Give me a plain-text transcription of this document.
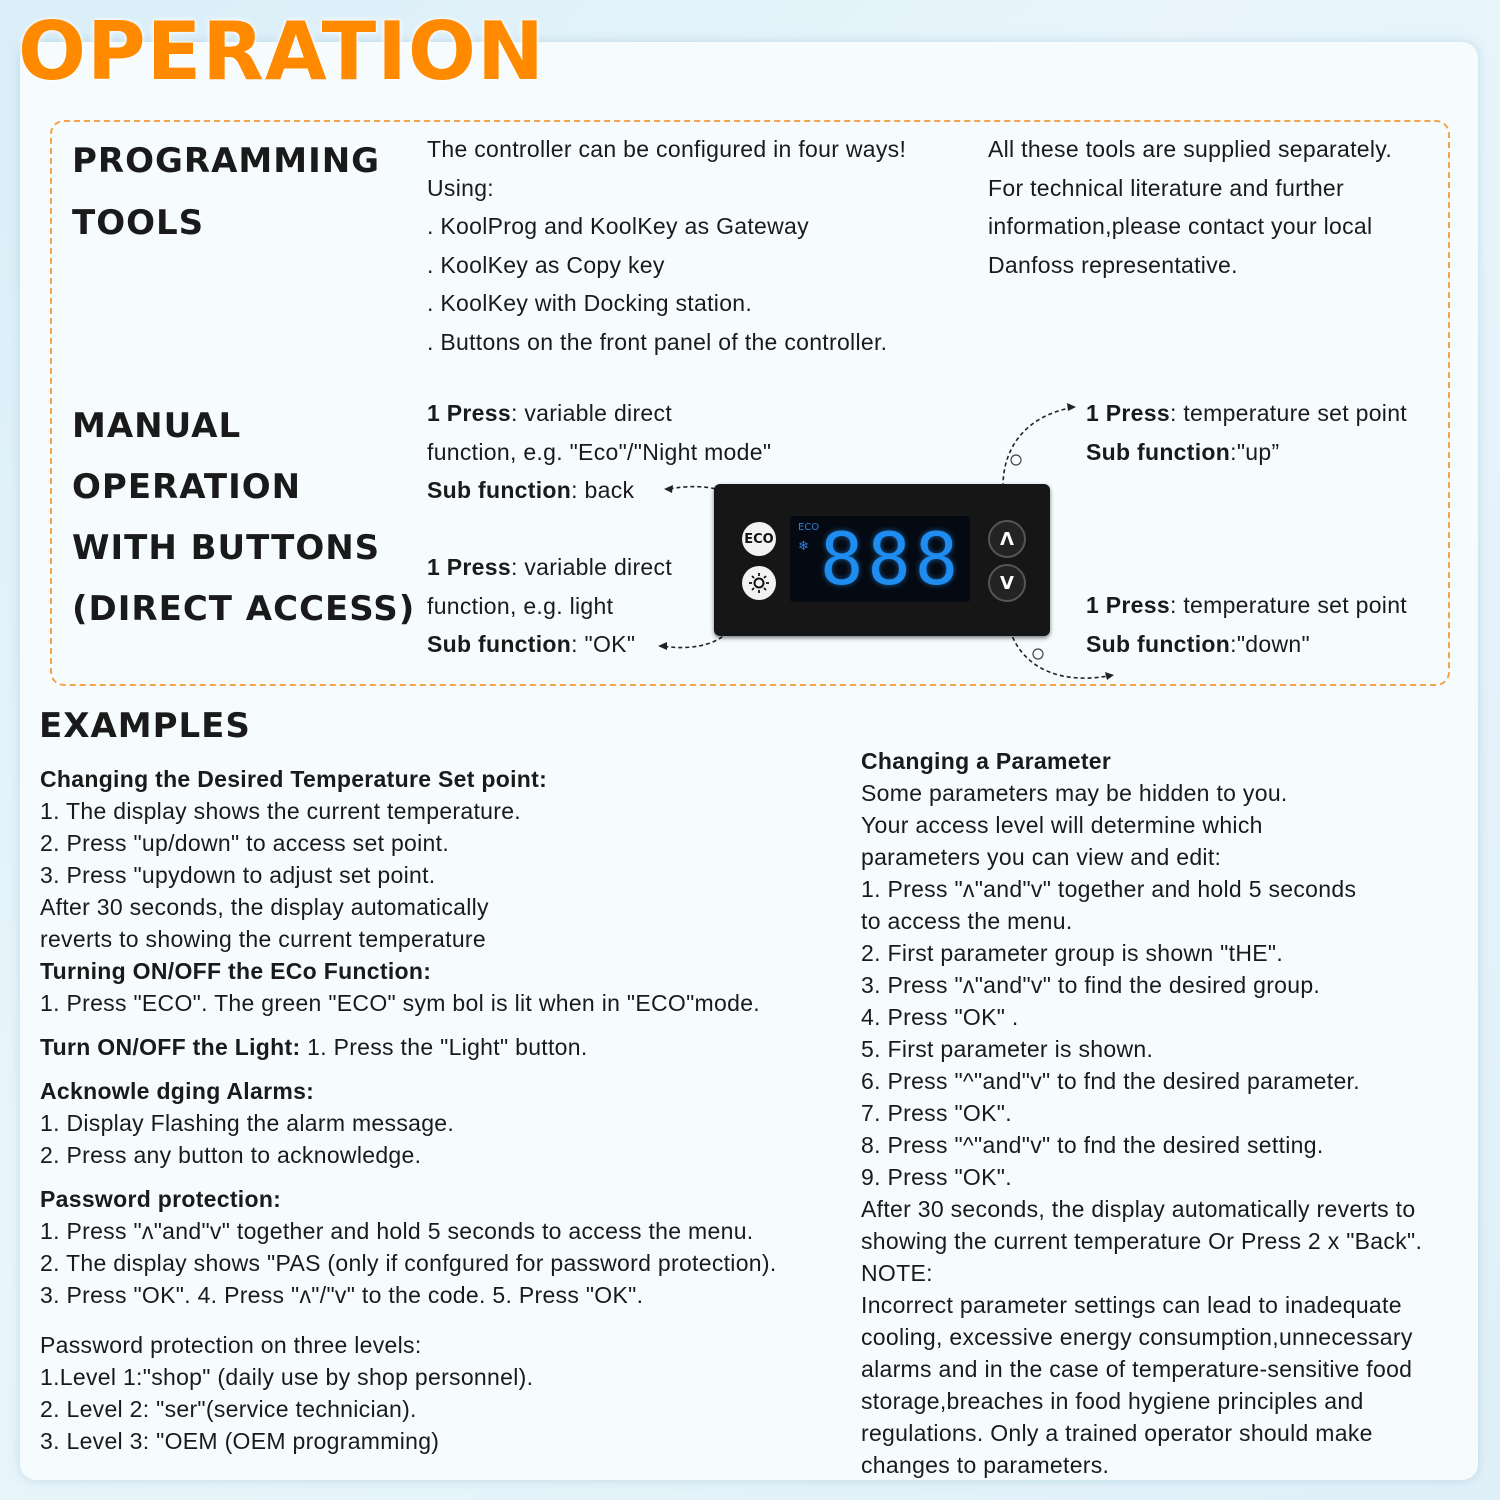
OPERATION
PROGRAMMING
TOOLS
The controller can be configured in four ways!
Using:
. KoolProg and KoolKey as Gateway
. KoolKey as Copy key
. KoolKey with Docking station.
. Buttons on the front panel of the controller.
All these tools are supplied separately.
For technical literature and further
information,please contact your local
Danfoss representative.
MANUAL
OPERATION
WITH BUTTONS
(DIRECT ACCESS)
1 Press: variable direct
function, e.g. "Eco"/"Night mode"
Sub function: back
1 Press: variable direct
function, e.g. light
Sub function: "OK"
1 Press: temperature set point
Sub function:"up”
1 Press: temperature set point
Sub function:"down"
ECO
ECO
❄ 888	Λ
V
EXAMPLES
Changing the Desired Temperature Set point:
1. The display shows the current temperature.
2. Press "up/down" to access set point.
3. Press "upydown to adjust set point.
After 30 seconds, the display automatically
reverts to showing the current temperature
Turning ON/OFF the ECo Function:
1. Press "ECO". The green "ECO" sym bol is lit when in "ECO"mode.
Turn ON/OFF the Light: 1. Press the "Light" button.
Acknowle dging Alarms:
1. Display Flashing the alarm message.
2. Press any button to acknowledge.
Password protection:
1. Press "ʌ"and"v" together and hold 5 seconds to access the menu.
2. The display shows "PAS (only if confgured for password protection).
3. Press "OK". 4. Press "ʌ"/"v" to the code. 5. Press "OK".
Password protection on three levels:
1.Level 1:"shop" (daily use by shop personnel).
2. Level 2: "ser"(service technician).
3. Level 3: "OEM (OEM programming)
Changing a Parameter
Some parameters may be hidden to you.
Your access level will determine which
parameters you can view and edit:
1. Press "ʌ"and"v" together and hold 5 seconds
to access the menu.
2. First parameter group is shown "tHE".
3. Press "ʌ"and"v" to find the desired group.
4. Press "OK" .
5. First parameter is shown.
6. Press "^"and"v" to fnd the desired parameter.
7. Press "OK".
8. Press "^"and"v" to fnd the desired setting.
9. Press "OK".
After 30 seconds, the display automatically reverts to
showing the current temperature Or Press 2 x "Back".
NOTE:
Incorrect parameter settings can lead to inadequate
cooling, excessive energy consumption,unnecessary
alarms and in the case of temperature-sensitive food
storage,breaches in food hygiene principles and
regulations. Only a trained operator should make
changes to parameters.
